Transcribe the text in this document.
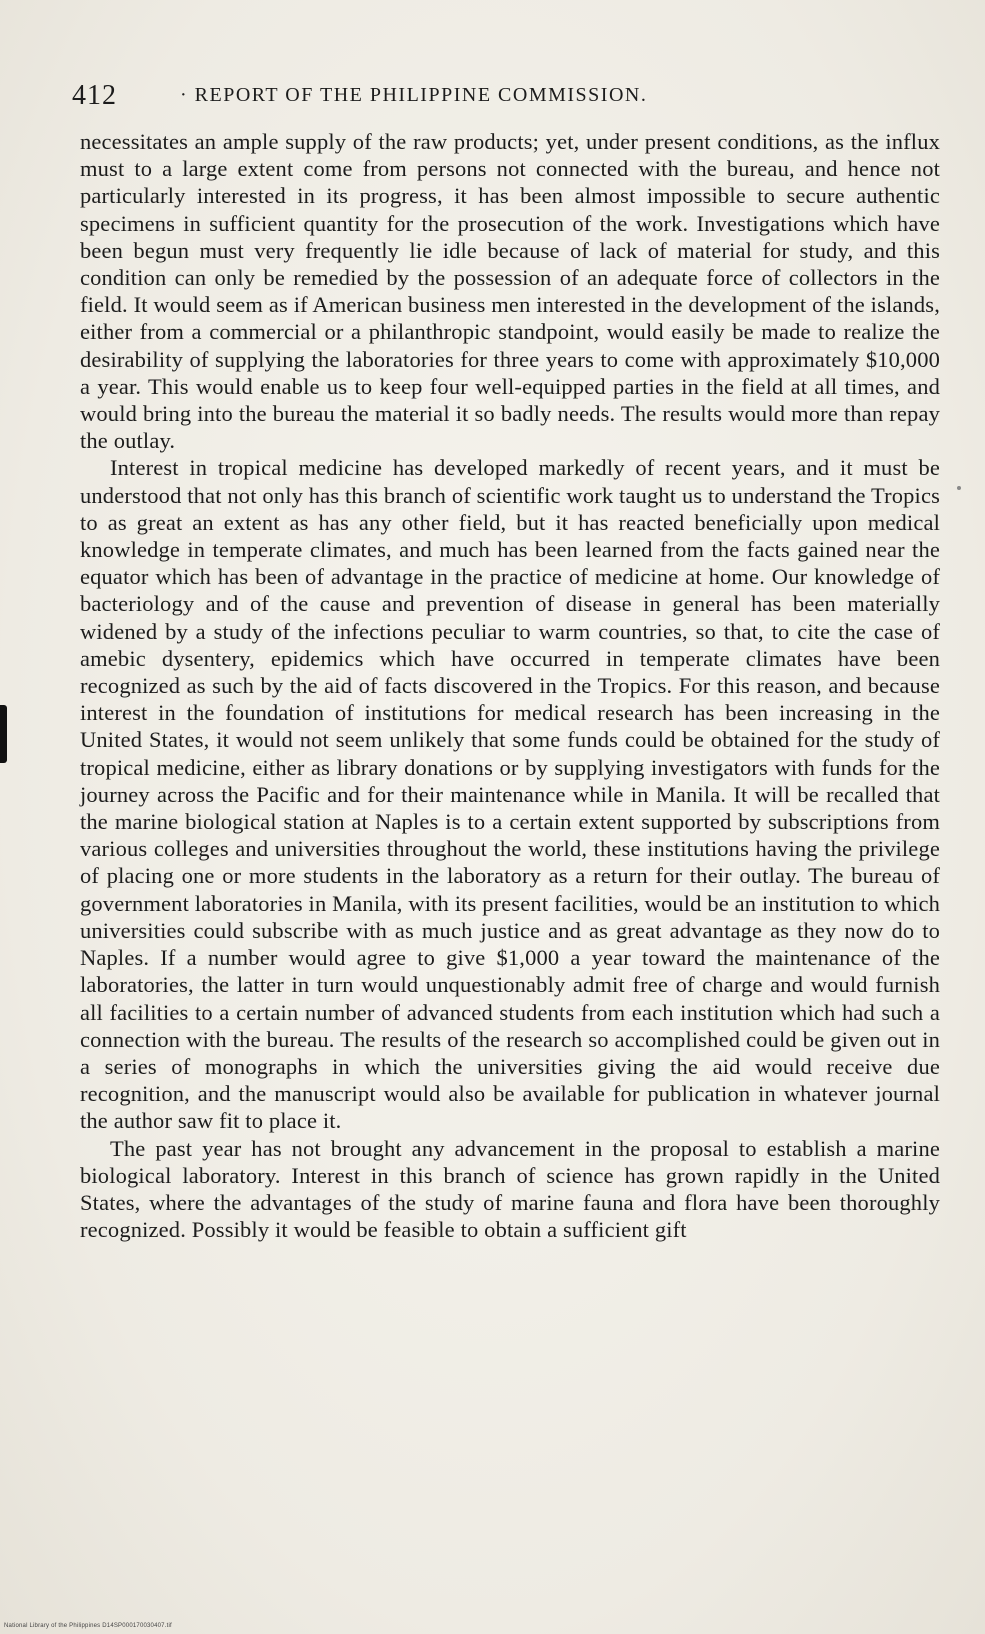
412	· REPORT OF THE PHILIPPINE COMMISSION.

necessitates an ample supply of the raw products; yet, under present conditions, as the influx must to a large extent come from persons not connected with the bureau, and hence not particularly interested in its progress, it has been almost impossible to secure authentic specimens in sufficient quantity for the prosecution of the work. Investigations which have been begun must very frequently lie idle because of lack of material for study, and this condition can only be remedied by the possession of an adequate force of collectors in the field. It would seem as if American business men interested in the development of the islands, either from a commercial or a philanthropic standpoint, would easily be made to realize the desirability of supplying the laboratories for three years to come with approximately $10,000 a year. This would enable us to keep four well-equipped parties in the field at all times, and would bring into the bureau the material it so badly needs. The results would more than repay the outlay.

Interest in tropical medicine has developed markedly of recent years, and it must be understood that not only has this branch of scientific work taught us to understand the Tropics to as great an extent as has any other field, but it has reacted beneficially upon medical knowledge in temperate climates, and much has been learned from the facts gained near the equator which has been of advantage in the practice of medicine at home. Our knowledge of bacteriology and of the cause and prevention of disease in general has been materially widened by a study of the infections peculiar to warm countries, so that, to cite the case of amebic dysentery, epidemics which have occurred in temperate climates have been recognized as such by the aid of facts discovered in the Tropics. For this reason, and because interest in the foundation of institutions for medical research has been increasing in the United States, it would not seem unlikely that some funds could be obtained for the study of tropical medicine, either as library donations or by supplying investigators with funds for the journey across the Pacific and for their maintenance while in Manila. It will be recalled that the marine biological station at Naples is to a certain extent supported by subscriptions from various colleges and universities throughout the world, these institutions having the privilege of placing one or more students in the laboratory as a return for their outlay. The bureau of government laboratories in Manila, with its present facilities, would be an institution to which universities could subscribe with as much justice and as great advantage as they now do to Naples. If a number would agree to give $1,000 a year toward the maintenance of the laboratories, the latter in turn would unquestionably admit free of charge and would furnish all facilities to a certain number of advanced students from each institution which had such a connection with the bureau. The results of the research so accomplished could be given out in a series of monographs in which the universities giving the aid would receive due recognition, and the manuscript would also be available for publication in whatever journal the author saw fit to place it.

The past year has not brought any advancement in the proposal to establish a marine biological laboratory. Interest in this branch of science has grown rapidly in the United States, where the advantages of the study of marine fauna and flora have been thoroughly recognized. Possibly it would be feasible to obtain a sufficient gift

National Library of the Philippines D14SP000170030407.tif
